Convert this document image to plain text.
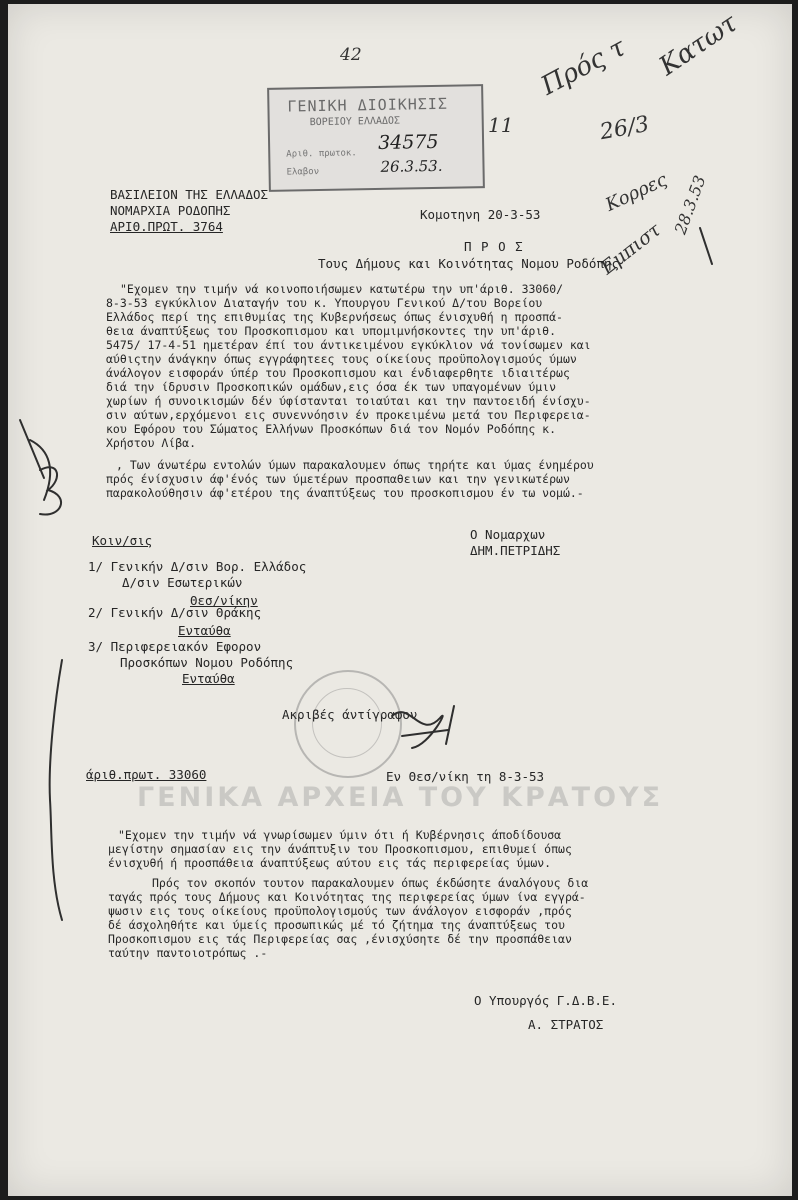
42	Πρός τ Κατωτ
26/3
11
Κορρες 28.3.53
Εμπιστ
ΓΕΝΙΚΗ ΔΙΟΙΚΗΣΙΣ
ΒΟΡΕΙΟΥ ΕΛΛΑΔΟΣ
Αριθ. πρωτοκ.
Ελαβον
34575
26.3.53.
ΒΑΣΙΛΕΙΟΝ ΤΗΣ ΕΛΛΑΔΟΣ
ΝΟΜΑΡΧΙΑ ΡΟΔΟΠΗΣ
ΑΡΙΘ.ΠΡΩΤ. 3764
Κομοτηνη 20-3-53
Π Ρ Ο Σ
Τους Δήμους και Κοινότητας Νομου Ροδόπης
"Εχομεν την τιμήν νά κοινοποιήσωμεν κατωτέρω την υπ'άριθ. 33060/
8-3-53 εγκύκλιον Διαταγήν του κ. Υπουργου Γενικού Δ/του Βορείου
Ελλάδος περί της επιθυμίας της Κυβερνήσεως όπως ένισχυθή η προσπά-
θεια άναπτύξεως του Προσκοπισμου και υπομιμνήσκοντες την υπ'άριθ.
5475/ 17-4-51 ημετέραν έπί του άντικειμένου εγκύκλιον νά τονίσωμεν και
αύθιςτην άνάγκην όπως εγγράφητεες τους οίκείους προϋπολογισμούς ύμων
άνάλογον εισφοράν ύπέρ του Προσκοπισμου και ένδιαφερθητε ιδιαιτέρως
διά την ίδρυσιν Προσκοπικών ομάδων,εις όσα έκ των υπαγομένων ύμιν
χωρίων ή συνοικισμών δέν ύφίστανται τοιαύται και την παντοειδή ένίσχυ-
σιν αύτων,ερχόμενοι εις συνεννόησιν έν προκειμένω μετά του Περιφερεια-
κου Εφόρου του Σώματος Ελλήνων Προσκόπων διά τον Νομόν Ροδόπης κ.
Χρήστου Λίβα.
, Των άνωτέρω εντολών ύμων παρακαλουμεν όπως τηρήτε και ύμας ένημέρου
πρός ένίσχυσιν άφ'ένός των ύμετέρων προσπαθειων και την γενικωτέρων
παρακολούθησιν άφ'ετέρου της άναπτύξεως του προσκοπισμου έν τω νομώ.-
Ο Νομαρχων
ΔΗΜ.ΠΕΤΡΙΔΗΣ
Κοιν/σις
1/ Γενικήν Δ/σιν Βορ. Ελλάδος
Δ/σιν Εσωτερικών
Θεσ/νίκην
2/ Γενικήν Δ/σιν Θράκης
Ενταύθα
3/ Περιφερειακόν Εφορον
Προσκόπων Νομου Ροδόπης
Ενταύθα
Ακριβές άντίγραφον
άριθ.πρωτ. 33060	Εν Θεσ/νίκη τη 8-3-53
ΓΕΝΙΚΑ ΑΡΧΕΙΑ ΤΟΥ ΚΡΑΤΟΥΣ
"Εχομεν την τιμήν νά γνωρίσωμεν ύμιν ότι ή Κυβέρνησις άποδίδουσα
μεγίστην σημασίαν εις την άνάπτυξιν του Προσκοπισμου, επιθυμεί όπως
ένισχυθή ή προσπάθεια άναπτύξεως αύτου εις τάς περιφερείας ύμων.
Πρός τον σκοπόν τουτον παρακαλουμεν όπως έκδώσητε άναλόγους δια
ταγάς πρός τους Δήμους και Κοινότητας της περιφερείας ύμων ίνα εγγρά-
ψωσιν εις τους οίκείους προϋπολογισμούς των άνάλογον εισφοράν ,πρός
δέ άσχοληθήτε και ύμείς προσωπικώς μέ τό ζήτημα της άναπτύξεως του
Προσκοπισμου εις τάς Περιφερείας σας ,ένισχύσητε δέ την προσπάθειαν
ταύτην παντοιοτρόπως .-
Ο Υπουργός Γ.Δ.Β.Ε.
Α. ΣΤΡΑΤΟΣ
